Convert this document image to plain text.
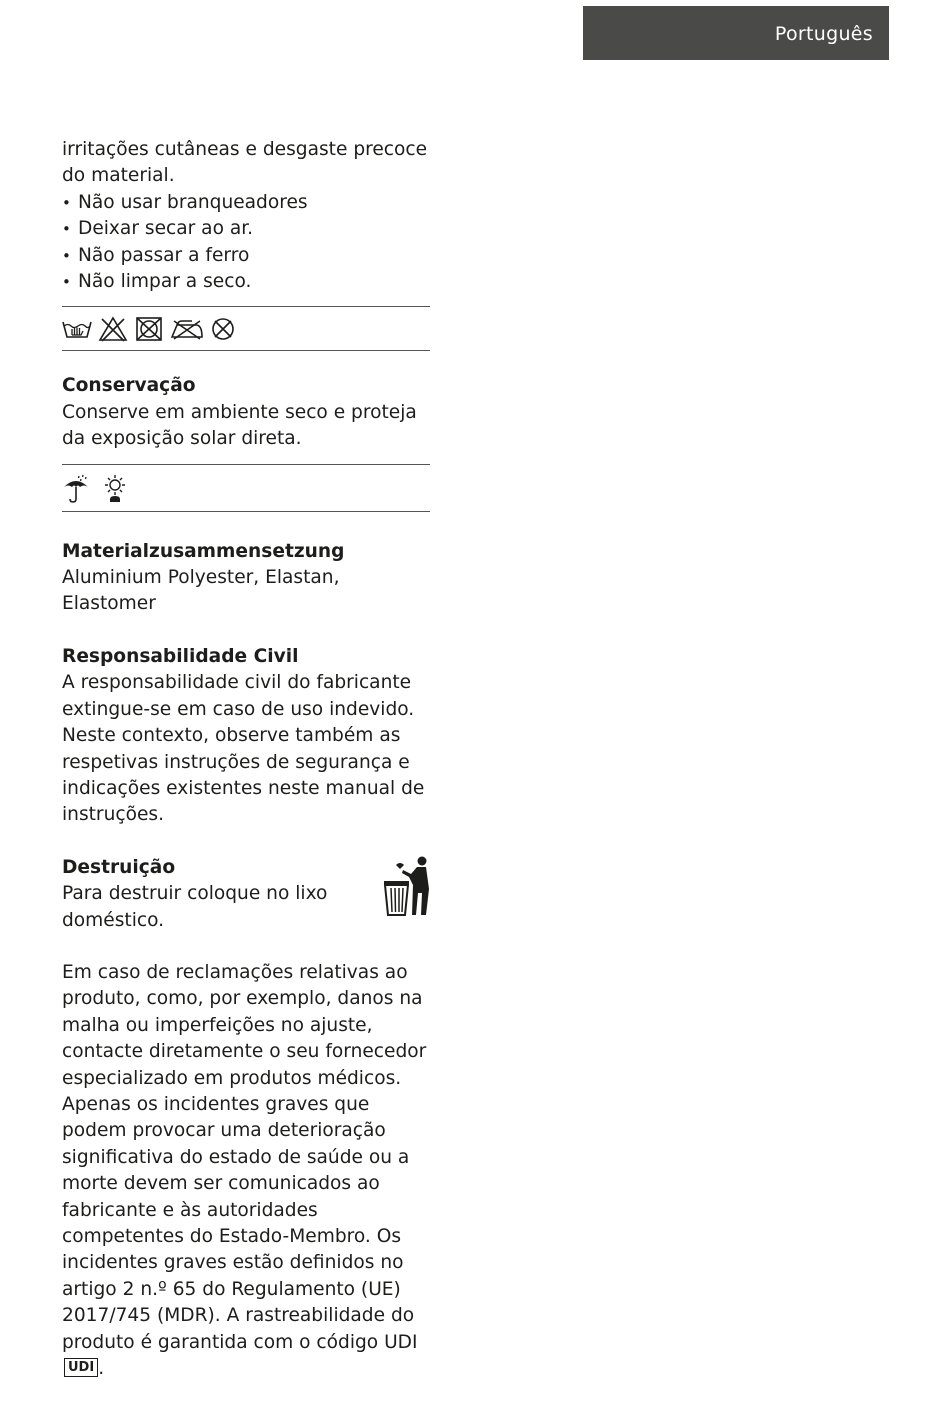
Português

irritações cutâneas e desgaste precoce do material.

• Não usar branqueadores
• Deixar secar ao ar.
• Não passar a ferro
• Não limpar a seco.
Conservação

Conserve em ambiente seco e proteja da exposição solar direta.

Materialzusammensetzung

Aluminium Polyester, Elastan, Elastomer

Responsabilidade Civil

A responsabilidade civil do fabricante extingue-se em caso de uso indevido. Neste contexto, observe também as respetivas instruções de segurança e indicações existentes neste manual de instruções.

Destruição

Para destruir coloque no lixo doméstico.

Em caso de reclamações relativas ao produto, como, por exemplo, danos na malha ou imperfeições no ajuste, contacte diretamente o seu fornecedor especializado em produtos médicos. Apenas os incidentes graves que podem provocar uma deterioração significativa do estado de saúde ou a morte devem ser comunicados ao fabricante e às autoridades competentes do Estado-Membro. Os incidentes graves estão definidos no artigo 2 n.º 65 do Regulamento (UE) 2017/745 (MDR). A rastreabilidade do produto é garantida com o código UDI UDI .
